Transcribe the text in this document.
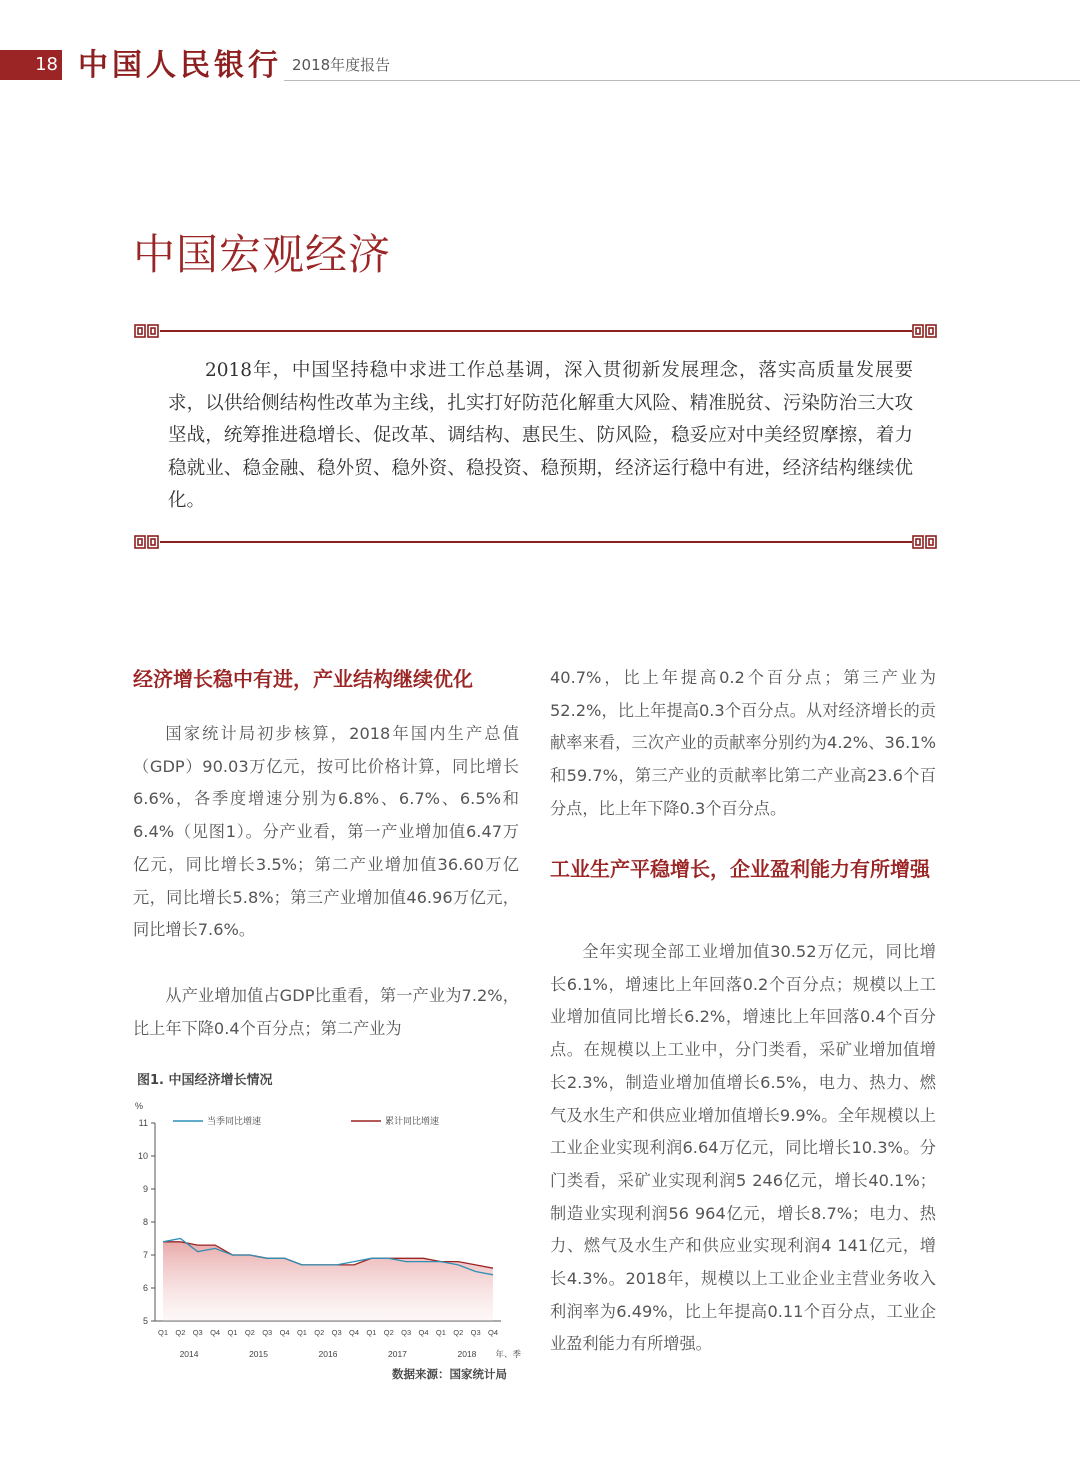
18 中国人民银行 2018年度报告
中国宏观经济

2018年，中国坚持稳中求进工作总基调，深入贯彻新发展理念，落实高质量发展要求，以供给侧结构性改革为主线，扎实打好防范化解重大风险、精准脱贫、污染防治三大攻坚战，统筹推进稳增长、促改革、调结构、惠民生、防风险，稳妥应对中美经贸摩擦，着力稳就业、稳金融、稳外贸、稳外资、稳投资、稳预期，经济运行稳中有进，经济结构继续优化。

经济增长稳中有进，产业结构继续优化

国家统计局初步核算，2018年国内生产总值（GDP）90.03万亿元，按可比价格计算，同比增长6.6%，各季度增速分别为6.8%、6.7%、6.5%和6.4%（见图1）。分产业看，第一产业增加值6.47万亿元，同比增长3.5%；第二产业增加值36.60万亿元，同比增长5.8%；第三产业增加值46.96万亿元，同比增长7.6%。

从产业增加值占GDP比重看，第一产业为7.2%，比上年下降0.4个百分点；第二产业为

图1. 中国经济增长情况
%
5
6
7
8
9
10
11
Q1 Q2 Q3 Q4 Q1 Q2 Q3 Q4 Q1 Q2 Q3 Q4 Q1 Q2 Q3 Q4 Q1 Q2 Q3 Q4
2014	2015	2016	2017	2018 年、季
当季同比增速	累计同比增速
数据来源：国家统计局

40.7%，比上年提高0.2个百分点；第三产业为52.2%，比上年提高0.3个百分点。从对经济增长的贡献率来看，三次产业的贡献率分别约为4.2%、36.1%和59.7%，第三产业的贡献率比第二产业高23.6个百分点，比上年下降0.3个百分点。

工业生产平稳增长，企业盈利能力有所增强

全年实现全部工业增加值30.52万亿元，同比增长6.1%，增速比上年回落0.2个百分点；规模以上工业增加值同比增长6.2%，增速比上年回落0.4个百分点。在规模以上工业中，分门类看，采矿业增加值增长2.3%，制造业增加值增长6.5%，电力、热力、燃气及水生产和供应业增加值增长9.9%。全年规模以上工业企业实现利润6.64万亿元，同比增长10.3%。分门类看，采矿业实现利润5 246亿元，增长40.1%；制造业实现利润56 964亿元，增长8.7%；电力、热力、燃气及水生产和供应业实现利润4 141亿元，增长4.3%。2018年，规模以上工业企业主营业务收入利润率为6.49%，比上年提高0.11个百分点，工业企业盈利能力有所增强。
